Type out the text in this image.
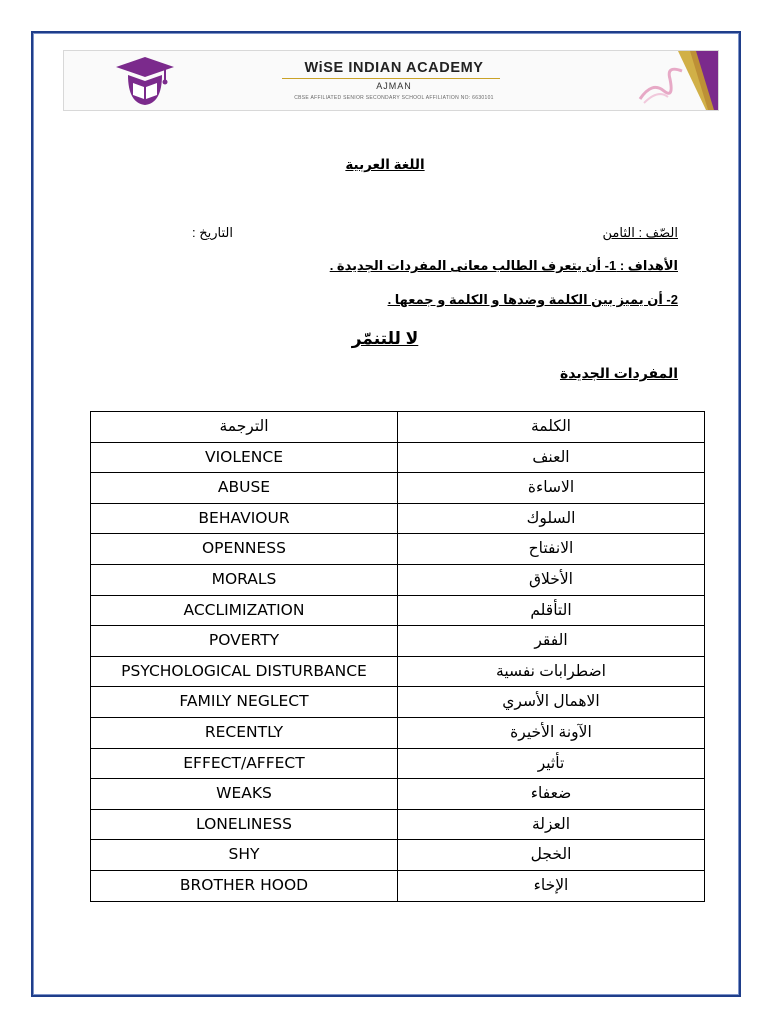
WiSE INDIAN ACADEMY
AJMAN
CBSE AFFILIATED SENIOR SECONDARY SCHOOL AFFILIATION NO: 6630101
اللغة العربية
الصّف : الثامن
التاريخ :
الأهداف : 1- أن يتعرف الطالب معانى المفردات الجديدة .
2- أن يميز بين الكلمة وضدها و الكلمة و جمعها .
لا للتنمّر
المفردات الجديدة
الترجمة	الكلمة
VIOLENCE	العنف
ABUSE	الاساءة
BEHAVIOUR	السلوك
OPENNESS	الانفتاح
MORALS	الأخلاق
ACCLIMIZATION	التأقلم
POVERTY	الفقر
PSYCHOLOGICAL DISTURBANCE	اضطرابات نفسية
FAMILY NEGLECT	الاهمال الأسري
RECENTLY	الآونة الأخيرة
EFFECT/AFFECT	تأثير
WEAKS	ضعفاء
LONELINESS	العزلة
SHY	الخجل
BROTHER HOOD	الإخاء
